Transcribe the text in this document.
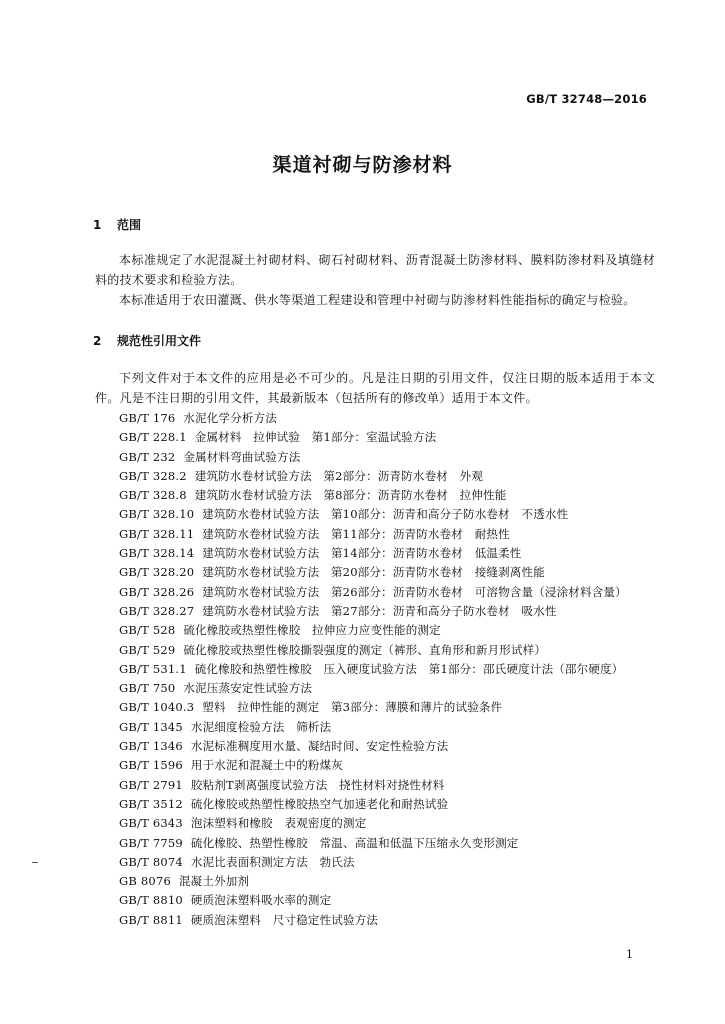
GB/T 32748—2016
渠道衬砌与防渗材料
1 范围
本标准规定了水泥混凝土衬砌材料、砌石衬砌材料、沥青混凝土防渗材料、膜料防渗材料及填缝材料的技术要求和检验方法。
本标准适用于农田灌溉、供水等渠道工程建设和管理中衬砌与防渗材料性能指标的确定与检验。
2 规范性引用文件
下列文件对于本文件的应用是必不可少的。凡是注日期的引用文件，仅注日期的版本适用于本文件。凡是不注日期的引用文件，其最新版本（包括所有的修改单）适用于本文件。
GB/T 176 水泥化学分析方法
GB/T 228.1 金属材料　拉伸试验　第1部分：室温试验方法
GB/T 232 金属材料弯曲试验方法
GB/T 328.2 建筑防水卷材试验方法　第2部分：沥青防水卷材　外观
GB/T 328.8 建筑防水卷材试验方法　第8部分：沥青防水卷材　拉伸性能
GB/T 328.10 建筑防水卷材试验方法　第10部分：沥青和高分子防水卷材　不透水性
GB/T 328.11 建筑防水卷材试验方法　第11部分：沥青防水卷材　耐热性
GB/T 328.14 建筑防水卷材试验方法　第14部分：沥青防水卷材　低温柔性
GB/T 328.20 建筑防水卷材试验方法　第20部分：沥青防水卷材　接缝剥离性能
GB/T 328.26 建筑防水卷材试验方法　第26部分：沥青防水卷材　可溶物含量（浸涂材料含量）
GB/T 328.27 建筑防水卷材试验方法　第27部分：沥青和高分子防水卷材　吸水性
GB/T 528 硫化橡胶或热塑性橡胶　拉伸应力应变性能的测定
GB/T 529 硫化橡胶或热塑性橡胶撕裂强度的测定（裤形、直角形和新月形试样）
GB/T 531.1 硫化橡胶和热塑性橡胶　压入硬度试验方法　第1部分：邵氏硬度计法（邵尔硬度）
GB/T 750 水泥压蒸安定性试验方法
GB/T 1040.3 塑料　拉伸性能的测定　第3部分：薄膜和薄片的试验条件
GB/T 1345 水泥细度检验方法　筛析法
GB/T 1346 水泥标准稠度用水量、凝结时间、安定性检验方法
GB/T 1596 用于水泥和混凝土中的粉煤灰
GB/T 2791 胶粘剂T剥离强度试验方法　挠性材料对挠性材料
GB/T 3512 硫化橡胶或热塑性橡胶热空气加速老化和耐热试验
GB/T 6343 泡沫塑料和橡胶　表观密度的测定
GB/T 7759 硫化橡胶、热塑性橡胶　常温、高温和低温下压缩永久变形测定
GB/T 8074 水泥比表面积测定方法　勃氏法
GB 8076 混凝土外加剂
GB/T 8810 硬质泡沫塑料吸水率的测定
GB/T 8811 硬质泡沫塑料　尺寸稳定性试验方法
1
